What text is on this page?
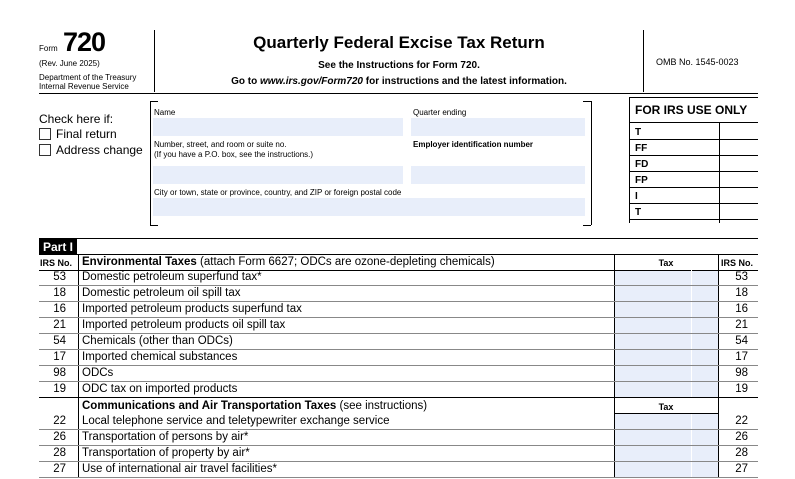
Form 720
(Rev. June 2025)
Department of the Treasury
Internal Revenue Service
Quarterly Federal Excise Tax Return
See the Instructions for Form 720.
Go to www.irs.gov/Form720 for instructions and the latest information.
OMB No. 1545-0023
Check here if:
Final return
Address change
Name	Quarter ending
Number, street, and room or suite no.
(If you have a P.O. box, see the instructions.)
Employer identification number
City or town, state or province, country, and ZIP or foreign postal code
FOR IRS USE ONLY
T
FF
FD
FP
I
T
Part I
IRS No. Environmental Taxes (attach Form 6627; ODCs are ozone-depleting chemicals)	Tax	IRS No.
53 Domestic petroleum superfund tax*	53
18 Domestic petroleum oil spill tax	18
16 Imported petroleum products superfund tax	16
21 Imported petroleum products oil spill tax	21
54 Chemicals (other than ODCs)	54
17 Imported chemical substances	17
98 ODCs	98
19 ODC tax on imported products	19
Communications and Air Transportation Taxes (see instructions)	Tax
22 Local telephone service and teletypewriter exchange service	22
26 Transportation of persons by air*	26
28 Transportation of property by air*	28
27 Use of international air travel facilities*	27
